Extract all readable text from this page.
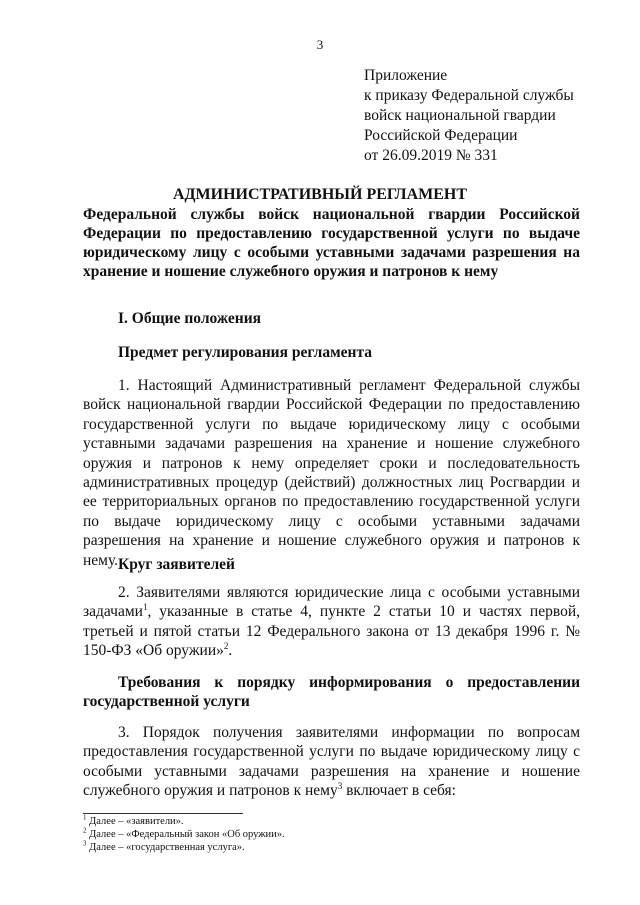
3
Приложение
к приказу Федеральной службы
войск национальной гвардии
Российской Федерации
от 26.09.2019 № 331
АДМИНИСТРАТИВНЫЙ РЕГЛАМЕНТ
Федеральной службы войск национальной гвардии Российской Федерации по предоставлению государственной услуги по выдаче юридическому лицу с особыми уставными задачами разрешения на хранение и ношение служебного оружия и патронов к нему
I. Общие положения
Предмет регулирования регламента
1. Настоящий Административный регламент Федеральной службы войск национальной гвардии Российской Федерации по предоставлению государственной услуги по выдаче юридическому лицу с особыми уставными задачами разрешения на хранение и ношение служебного оружия и патронов к нему определяет сроки и последовательность административных процедур (действий) должностных лиц Росгвардии и ее территориальных органов по предоставлению государственной услуги по выдаче юридическому лицу с особыми уставными задачами разрешения на хранение и ношение служебного оружия и патронов к нему. Круг заявителей
2. Заявителями являются юридические лица с особыми уставными задачами$^1$, указанные в статье 4, пункте 2 статьи 10 и частях первой, третьей и пятой статьи 12 Федерального закона от 13 декабря 1996 г. № 150-ФЗ «Об оружии»$^2$.
Требования к порядку информирования о предоставлении государственной услуги
3. Порядок получения заявителями информации по вопросам предоставления государственной услуги по выдаче юридическому лицу с особыми уставными задачами разрешения на хранение и ношение служебного оружия и патронов к нему$^3$ включает в себя:
$^1$ Далее – «заявители».
$^2$ Далее – «Федеральный закон «Об оружии».
$^3$ Далее – «государственная услуга».
